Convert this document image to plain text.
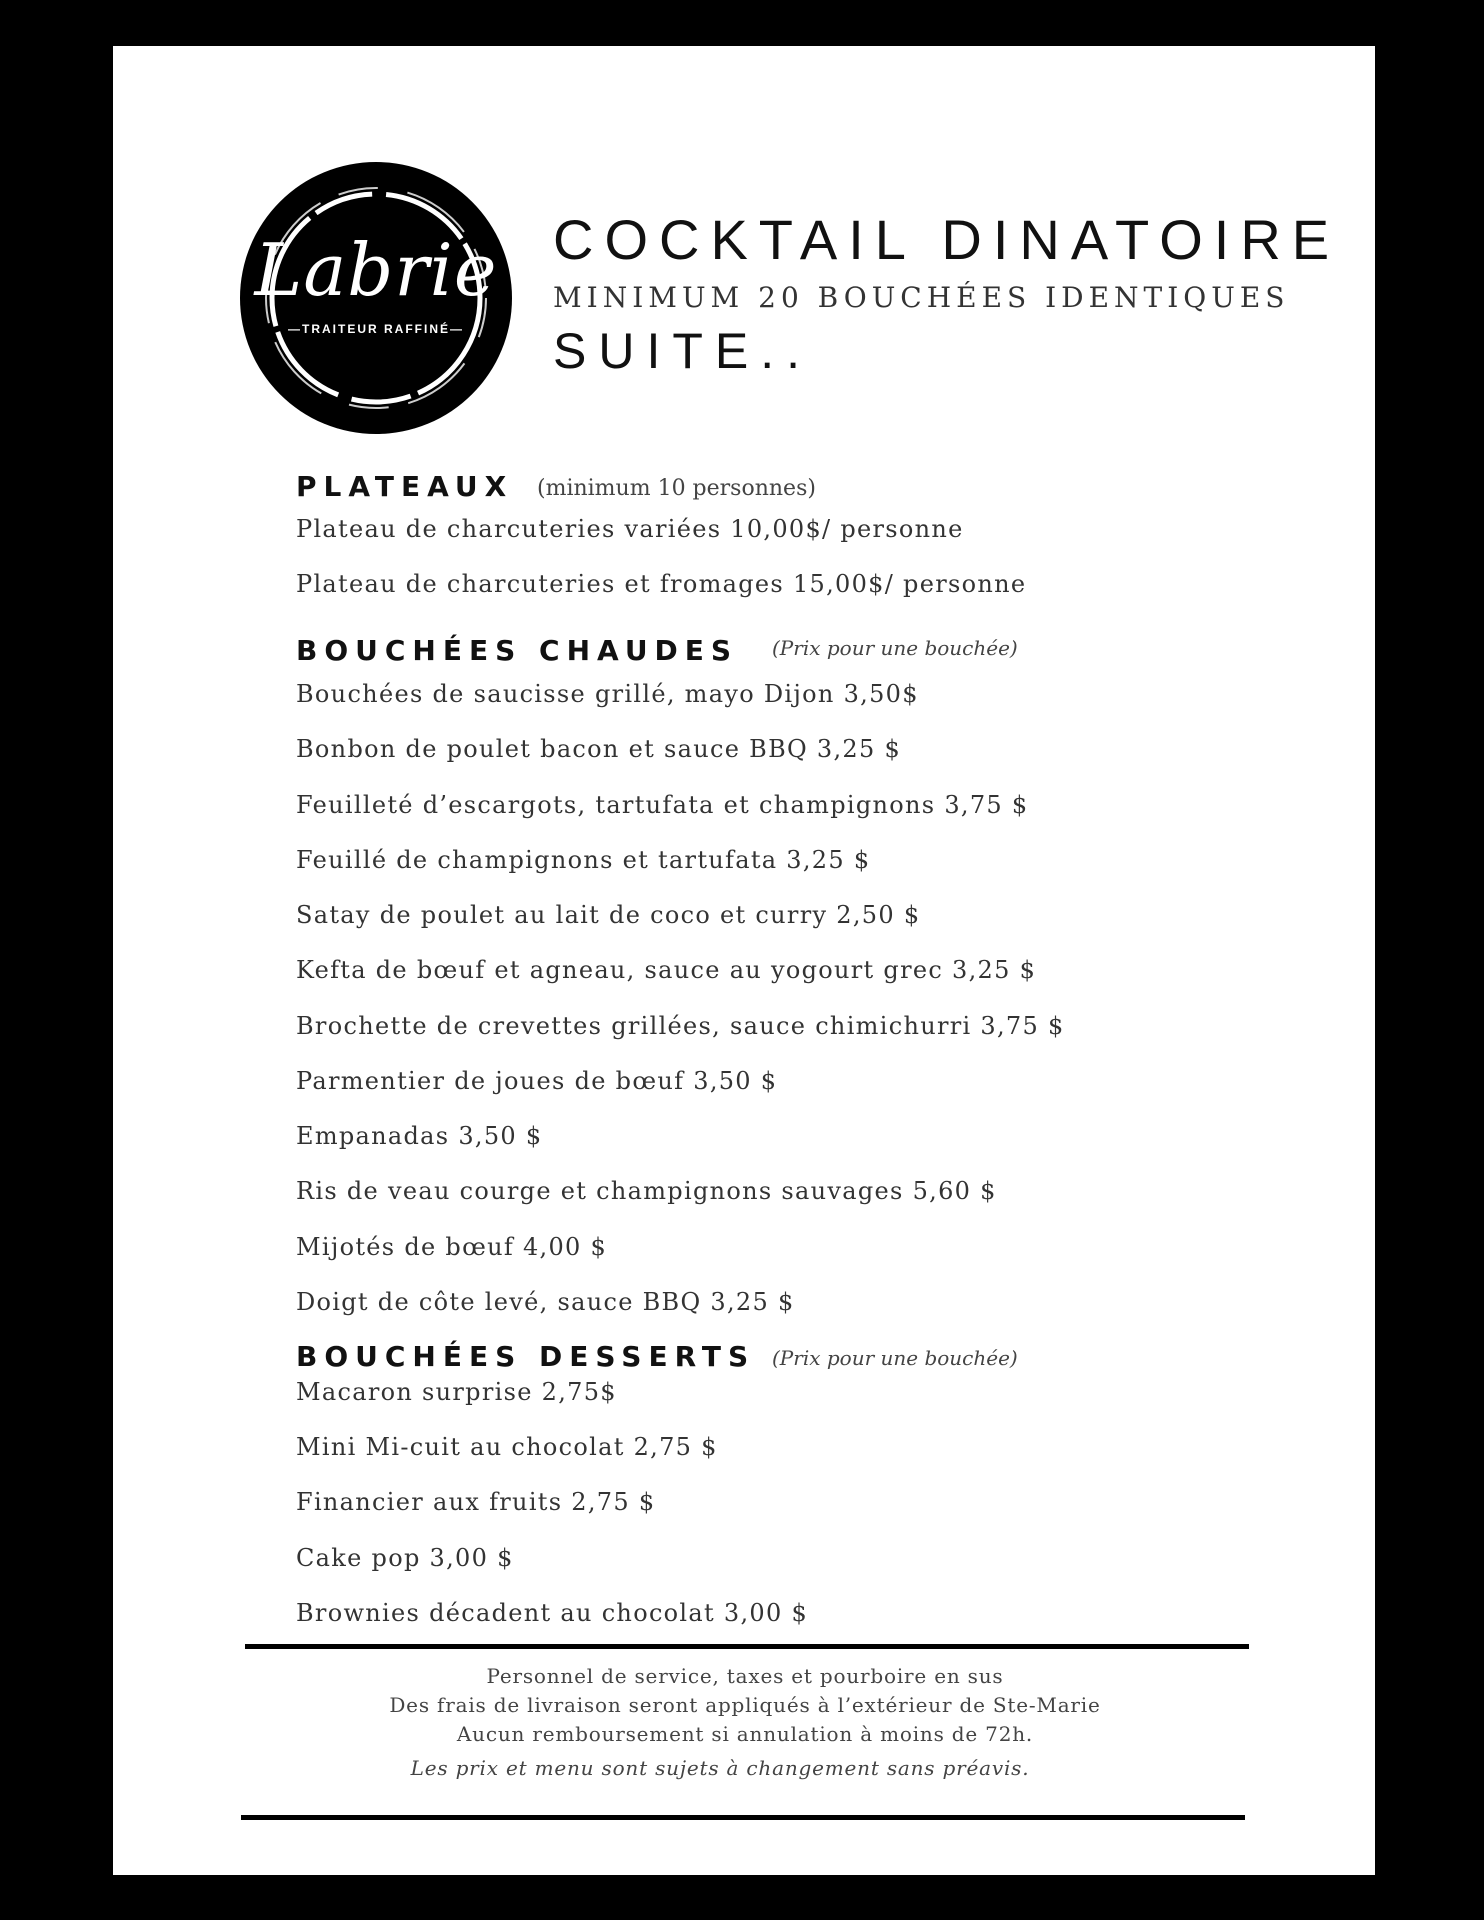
Labrie
—TRAITEUR RAFFINÉ—
COCKTAIL DINATOIRE
MINIMUM 20 BOUCHÉES IDENTIQUES
SUITE..
PLATEAUX (minimum 10 personnes)
Plateau de charcuteries variées 10,00$/ personne
Plateau de charcuteries et fromages 15,00$/ personne
BOUCHÉES CHAUDES (Prix pour une bouchée)
Bouchées de saucisse grillé, mayo Dijon 3,50$
Bonbon de poulet bacon et sauce BBQ 3,25 $
Feuilleté d’escargots, tartufata et champignons 3,75 $
Feuillé de champignons et tartufata 3,25 $
Satay de poulet au lait de coco et curry 2,50 $
Kefta de bœuf et agneau, sauce au yogourt grec 3,25 $
Brochette de crevettes grillées, sauce chimichurri 3,75 $
Parmentier de joues de bœuf 3,50 $
Empanadas 3,50 $
Ris de veau courge et champignons sauvages 5,60 $
Mijotés de bœuf 4,00 $
Doigt de côte levé, sauce BBQ 3,25 $
BOUCHÉES DESSERTS (Prix pour une bouchée)
Macaron surprise 2,75$
Mini Mi-cuit au chocolat 2,75 $
Financier aux fruits 2,75 $
Cake pop 3,00 $
Brownies décadent au chocolat 3,00 $
Personnel de service, taxes et pourboire en sus
Des frais de livraison seront appliqués à l’extérieur de Ste-Marie
Aucun remboursement si annulation à moins de 72h.
Les prix et menu sont sujets à changement sans préavis.
